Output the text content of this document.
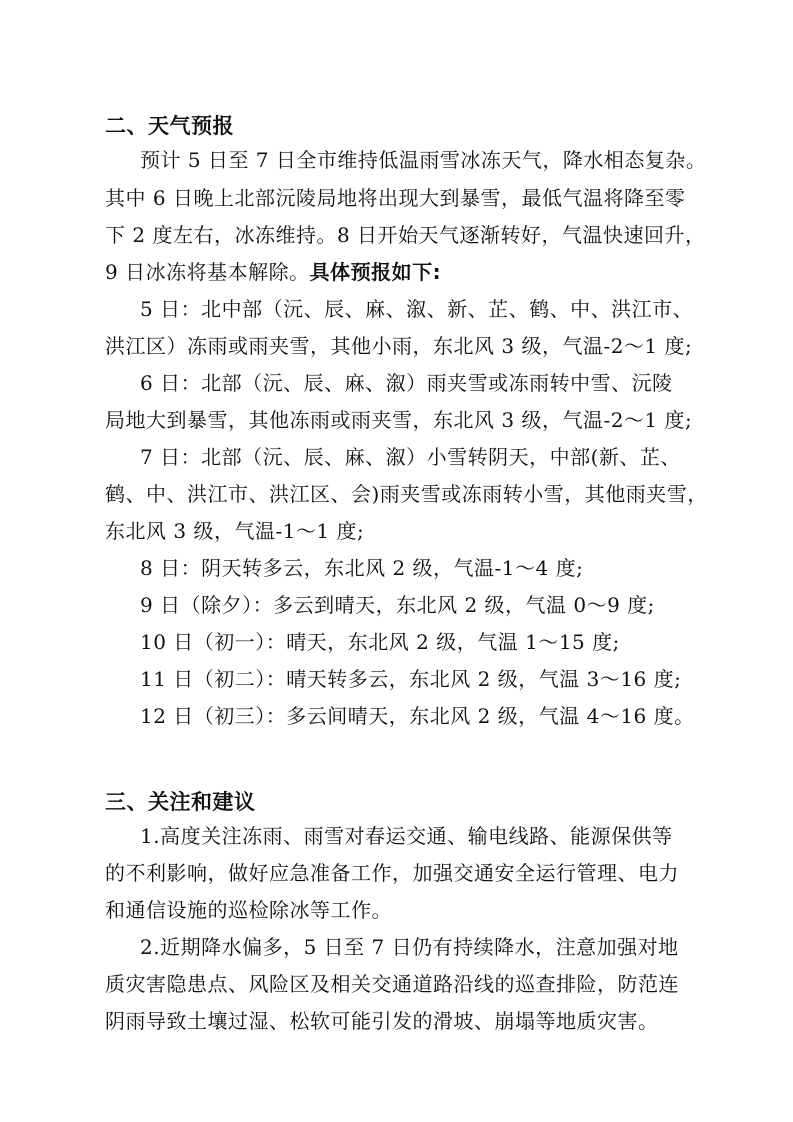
二、天气预报
预计 5 日至 7 日全市维持低温雨雪冰冻天气，降水相态复杂。
其中 6 日晚上北部沅陵局地将出现大到暴雪，最低气温将降至零
下 2 度左右，冰冻维持。8 日开始天气逐渐转好，气温快速回升，
9 日冰冻将基本解除。具体预报如下:
5 日：北中部（沅、辰、麻、溆、新、芷、鹤、中、洪江市、
洪江区）冻雨或雨夹雪，其他小雨，东北风 3 级，气温-2～1 度;
6 日：北部（沅、辰、麻、溆）雨夹雪或冻雨转中雪、沅陵
局地大到暴雪，其他冻雨或雨夹雪，东北风 3 级，气温-2～1 度;
7 日：北部（沅、辰、麻、溆）小雪转阴天，中部(新、芷、
鹤、中、洪江市、洪江区、会)雨夹雪或冻雨转小雪，其他雨夹雪，
东北风 3 级，气温-1～1 度;
8 日：阴天转多云，东北风 2 级，气温-1～4 度;
9 日（除夕）：多云到晴天，东北风 2 级，气温 0～9 度;
10 日（初一）：晴天，东北风 2 级，气温 1～15 度;
11 日（初二）：晴天转多云，东北风 2 级，气温 3～16 度;
12 日（初三）：多云间晴天，东北风 2 级，气温 4～16 度。
三、关注和建议
1.高度关注冻雨、雨雪对春运交通、输电线路、能源保供等
的不利影响，做好应急准备工作，加强交通安全运行管理、电力
和通信设施的巡检除冰等工作。
2.近期降水偏多，5 日至 7 日仍有持续降水，注意加强对地
质灾害隐患点、风险区及相关交通道路沿线的巡查排险，防范连
阴雨导致土壤过湿、松软可能引发的滑坡、崩塌等地质灾害。
